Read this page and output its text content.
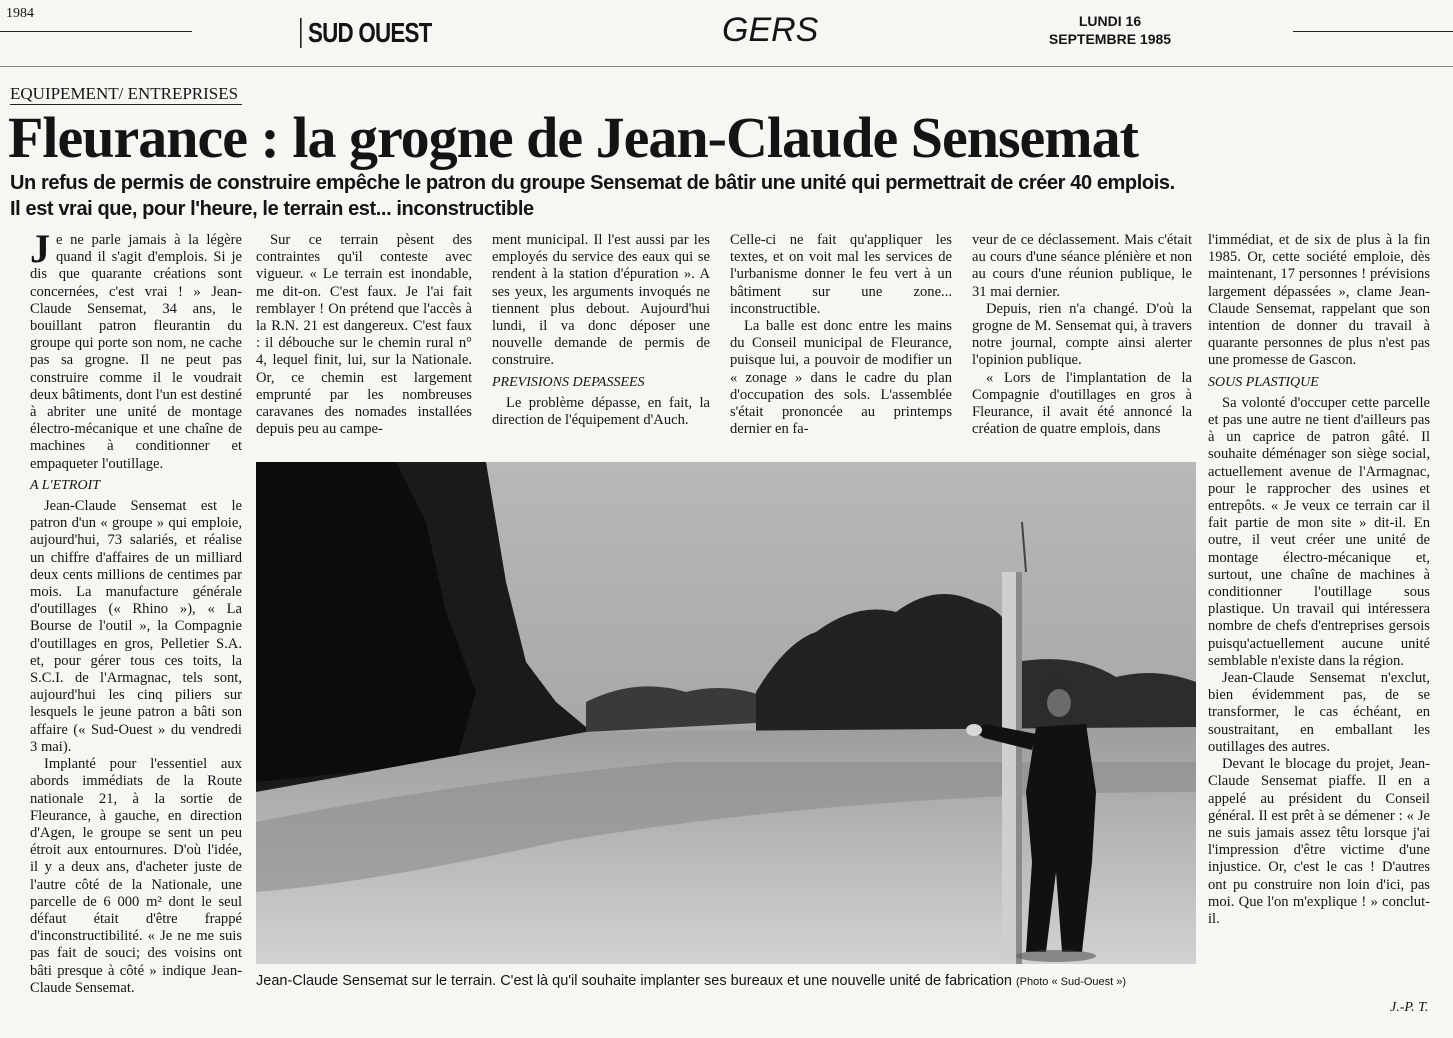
1984
SUD OUEST	GERS	LUNDI 16
SEPTEMBRE 1985
EQUIPEMENT/ ENTREPRISES
Fleurance : la grogne de Jean-Claude Sensemat
Un refus de permis de construire empêche le patron du groupe Sensemat de bâtir une unité qui permettrait de créer 40 emplois.
Il est vrai que, pour l'heure, le terrain est... inconstructible
J e ne parle jamais à la légère quand il s'agit d'emplois. Si je dis que quarante créations sont concernées, c'est vrai ! » Jean-Claude Sensemat, 34 ans, le bouillant patron fleurantin du groupe qui porte son nom, ne cache pas sa grogne. Il ne peut pas construire comme il le voudrait deux bâtiments, dont l'un est destiné à abriter une unité de montage électro-mécanique et une chaîne de machines à conditionner et empaqueter l'outillage.

A L'ETROIT

Jean-Claude Sensemat est le patron d'un « groupe » qui emploie, aujourd'hui, 73 salariés, et réalise un chiffre d'affaires de un milliard deux cents millions de centimes par mois. La manufacture générale d'outillages (« Rhino »), « La Bourse de l'outil », la Compagnie d'outillages en gros, Pelletier S.A. et, pour gérer tous ces toits, la S.C.I. de l'Armagnac, tels sont, aujourd'hui les cinq piliers sur lesquels le jeune patron a bâti son affaire (« Sud-Ouest » du vendredi 3 mai).

Implanté pour l'essentiel aux abords immédiats de la Route nationale 21, à la sortie de Fleurance, à gauche, en direction d'Agen, le groupe se sent un peu étroit aux entournures. D'où l'idée, il y a deux ans, d'acheter juste de l'autre côté de la Nationale, une parcelle de 6 000 m² dont le seul défaut était d'être frappé d'inconstructibilité. « Je ne me suis pas fait de souci; des voisins ont bâti presque à côté » indique Jean-Claude Sensemat.

Sur ce terrain pèsent des contraintes qu'il conteste avec vigueur. « Le terrain est inondable, me dit-on. C'est faux. Je l'ai fait remblayer ! On prétend que l'accès à la R.N. 21 est dangereux. C'est faux : il débouche sur le chemin rural n° 4, lequel finit, lui, sur la Nationale. Or, ce chemin est largement emprunté par les nombreuses caravanes des nomades installées depuis peu au campe-

ment municipal. Il l'est aussi par les employés du service des eaux qui se rendent à la station d'épuration ». A ses yeux, les arguments invoqués ne tiennent plus debout. Aujourd'hui lundi, il va donc déposer une nouvelle demande de permis de construire.

PREVISIONS DEPASSEES

Le problème dépasse, en fait, la direction de l'équipement d'Auch.

Celle-ci ne fait qu'appliquer les textes, et on voit mal les services de l'urbanisme donner le feu vert à un bâtiment sur une zone... inconstructible.

La balle est donc entre les mains du Conseil municipal de Fleurance, puisque lui, a pouvoir de modifier un « zonage » dans le cadre du plan d'occupation des sols. L'assemblée s'était prononcée au printemps dernier en fa-

veur de ce déclassement. Mais c'était au cours d'une séance plénière et non au cours d'une réunion publique, le 31 mai dernier.

Depuis, rien n'a changé. D'où la grogne de M. Sensemat qui, à travers notre journal, compte ainsi alerter l'opinion publique.

« Lors de l'implantation de la Compagnie d'outillages en gros à Fleurance, il avait été annoncé la création de quatre emplois, dans

l'immédiat, et de six de plus à la fin 1985. Or, cette société emploie, dès maintenant, 17 personnes ! prévisions largement dépassées », clame Jean-Claude Sensemat, rappelant que son intention de donner du travail à quarante personnes de plus n'est pas une promesse de Gascon.

SOUS PLASTIQUE

Sa volonté d'occuper cette parcelle et pas une autre ne tient d'ailleurs pas à un caprice de patron gâté. Il souhaite déménager son siège social, actuellement avenue de l'Armagnac, pour le rapprocher des usines et entrepôts. « Je veux ce terrain car il fait partie de mon site » dit-il. En outre, il veut créer une unité de montage électro-mécanique et, surtout, une chaîne de machines à conditionner l'outillage sous plastique. Un travail qui intéressera nombre de chefs d'entreprises gersois puisqu'actuellement aucune unité semblable n'existe dans la région.

Jean-Claude Sensemat n'exclut, bien évidemment pas, de se transformer, le cas échéant, en soustraitant, en emballant les outillages des autres.

Devant le blocage du projet, Jean-Claude Sensemat piaffe. Il en a appelé au président du Conseil général. Il est prêt à se démener : « Je ne suis jamais assez têtu lorsque j'ai l'impression d'être victime d'une injustice. Or, c'est le cas ! D'autres ont pu construire non loin d'ici, pas moi. Que l'on m'explique ! » conclut-il.

Jean-Claude Sensemat sur le terrain. C'est là qu'il souhaite implanter ses bureaux et une nouvelle unité de fabrication (Photo « Sud-Ouest »)
J.-P. T.
